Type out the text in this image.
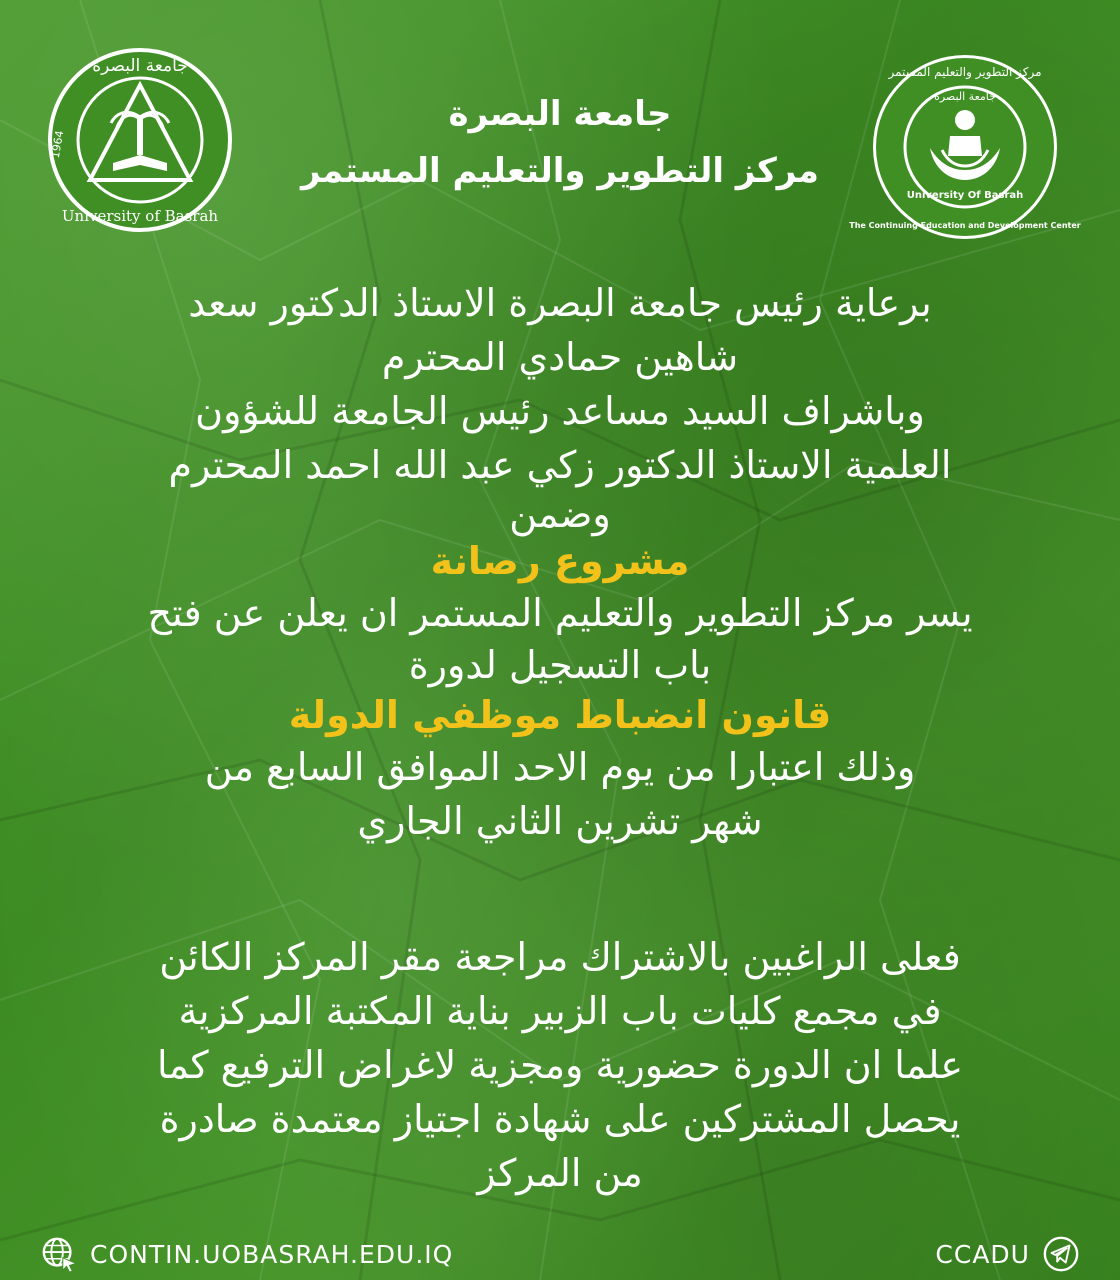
جامعة البصرة
University of Basrah
1964
مركز التطوير والتعليم المستمر
جامعة البصرة
University Of Basrah
The Continuing Education and Development Center
جامعة البصرة
مركز التطوير والتعليم المستمر

برعاية رئيس جامعة البصرة الاستاذ الدكتور سعد

شاهين حمادي المحترم

وباشراف السيد مساعد رئيس الجامعة للشؤون

العلمية الاستاذ الدكتور زكي عبد الله احمد المحترم

وضمن

مشروع رصانة

يسر مركز التطوير والتعليم المستمر ان يعلن عن فتح

باب التسجيل لدورة

قانون انضباط موظفي الدولة

وذلك اعتبارا من يوم الاحد الموافق السابع من

شهر تشرين الثاني الجاري

فعلى الراغبين بالاشتراك مراجعة مقر المركز الكائن

في مجمع كليات باب الزبير بناية المكتبة المركزية

علما ان الدورة حضورية ومجزية لاغراض الترفيع كما

يحصل المشتركين على شهادة اجتياز معتمدة صادرة

من المركز

CONTIN.UOBASRAH.EDU.IQ	CCADU
